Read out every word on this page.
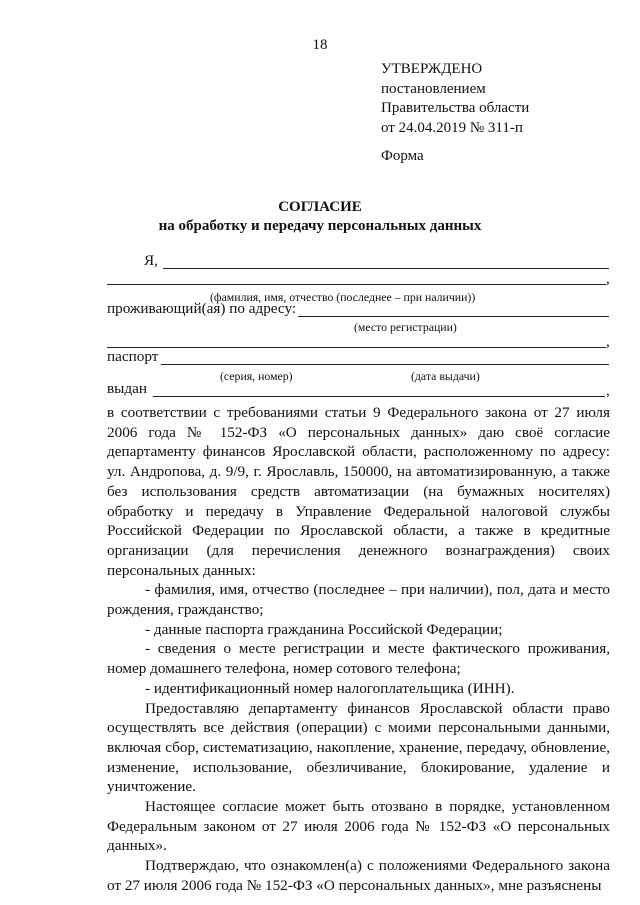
18
УТВЕРЖДЕНО
постановлением
Правительства области
от 24.04.2019 № 311-п
Форма
СОГЛАСИЕ
на обработку и передачу персональных данных
Я,
,
(фамилия, имя, отчество (последнее – при наличии))
проживающий(ая) по адресу:
(место регистрации)
,
паспорт
(серия, номер)	(дата выдачи)
выдан	,

в соответствии с требованиями статьи 9 Федерального закона от 27 июля 2006 года № 152-ФЗ «О персональных данных» даю своё согласие департаменту финансов Ярославской области, расположенному по адресу: ул. Андропова, д. 9/9, г. Ярославль, 150000, на автоматизированную, а также без использования средств автоматизации (на бумажных носителях) обработку и передачу в Управление Федеральной налоговой службы Российской Федерации по Ярославской области, а также в кредитные организации (для перечисления денежного вознаграждения) своих персональных данных:

- фамилия, имя, отчество (последнее – при наличии), пол, дата и место рождения, гражданство;

- данные паспорта гражданина Российской Федерации;

- сведения о месте регистрации и месте фактического проживания, номер домашнего телефона, номер сотового телефона;

- идентификационный номер налогоплательщика (ИНН).

Предоставляю департаменту финансов Ярославской области право осуществлять все действия (операции) с моими персональными данными, включая сбор, систематизацию, накопление, хранение, передачу, обновление, изменение, использование, обезличивание, блокирование, удаление и уничтожение.

Настоящее согласие может быть отозвано в порядке, установленном Федеральным законом от 27 июля 2006 года № 152-ФЗ «О персональных данных».

Подтверждаю, что ознакомлен(а) с положениями Федерального закона от 27 июля 2006 года № 152-ФЗ «О персональных данных», мне разъяснены
